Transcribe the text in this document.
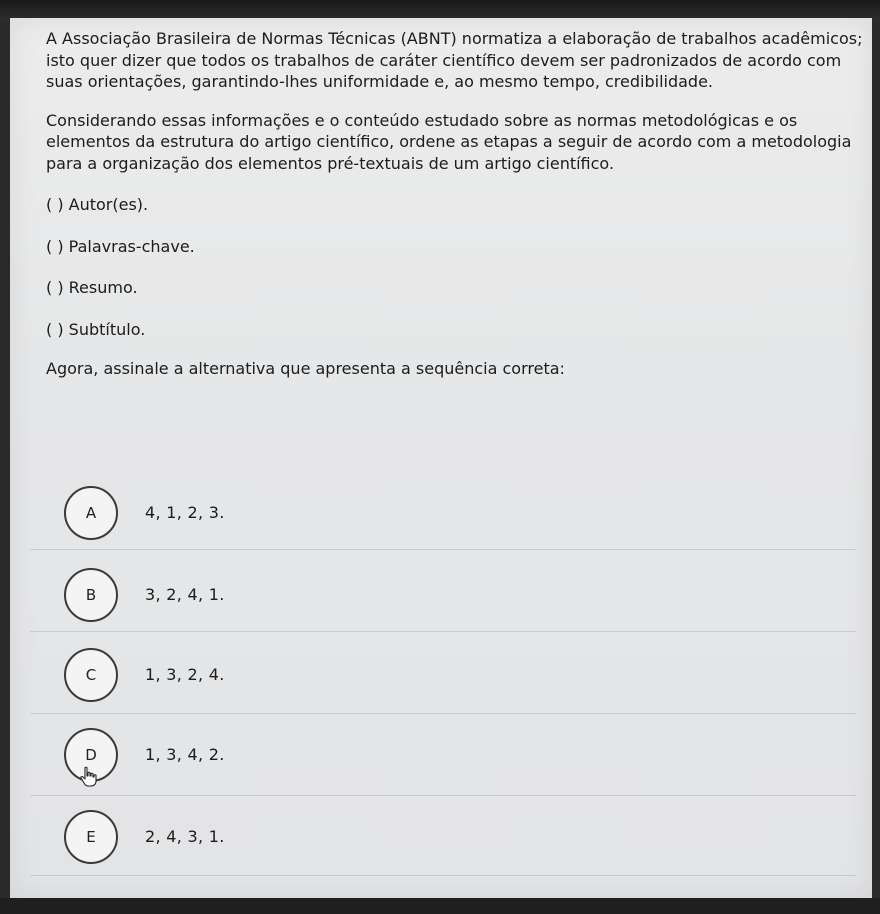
A Associação Brasileira de Normas Técnicas (ABNT) normatiza a elaboração de trabalhos acadêmicos; isto quer dizer que todos os trabalhos de caráter científico devem ser padronizados de acordo com suas orientações, garantindo-lhes uniformidade e, ao mesmo tempo, credibilidade.

Considerando essas informações e o conteúdo estudado sobre as normas metodológicas e os elementos da estrutura do artigo científico, ordene as etapas a seguir de acordo com a metodologia para a organização dos elementos pré-textuais de um artigo científico.

( ) Autor(es).

( ) Palavras-chave.

( ) Resumo.

( ) Subtítulo.

Agora, assinale a alternativa que apresenta a sequência correta:

A	4, 1, 2, 3.
B	3, 2, 4, 1.
C	1, 3, 2, 4.
D	1, 3, 4, 2.
E	2, 4, 3, 1.
